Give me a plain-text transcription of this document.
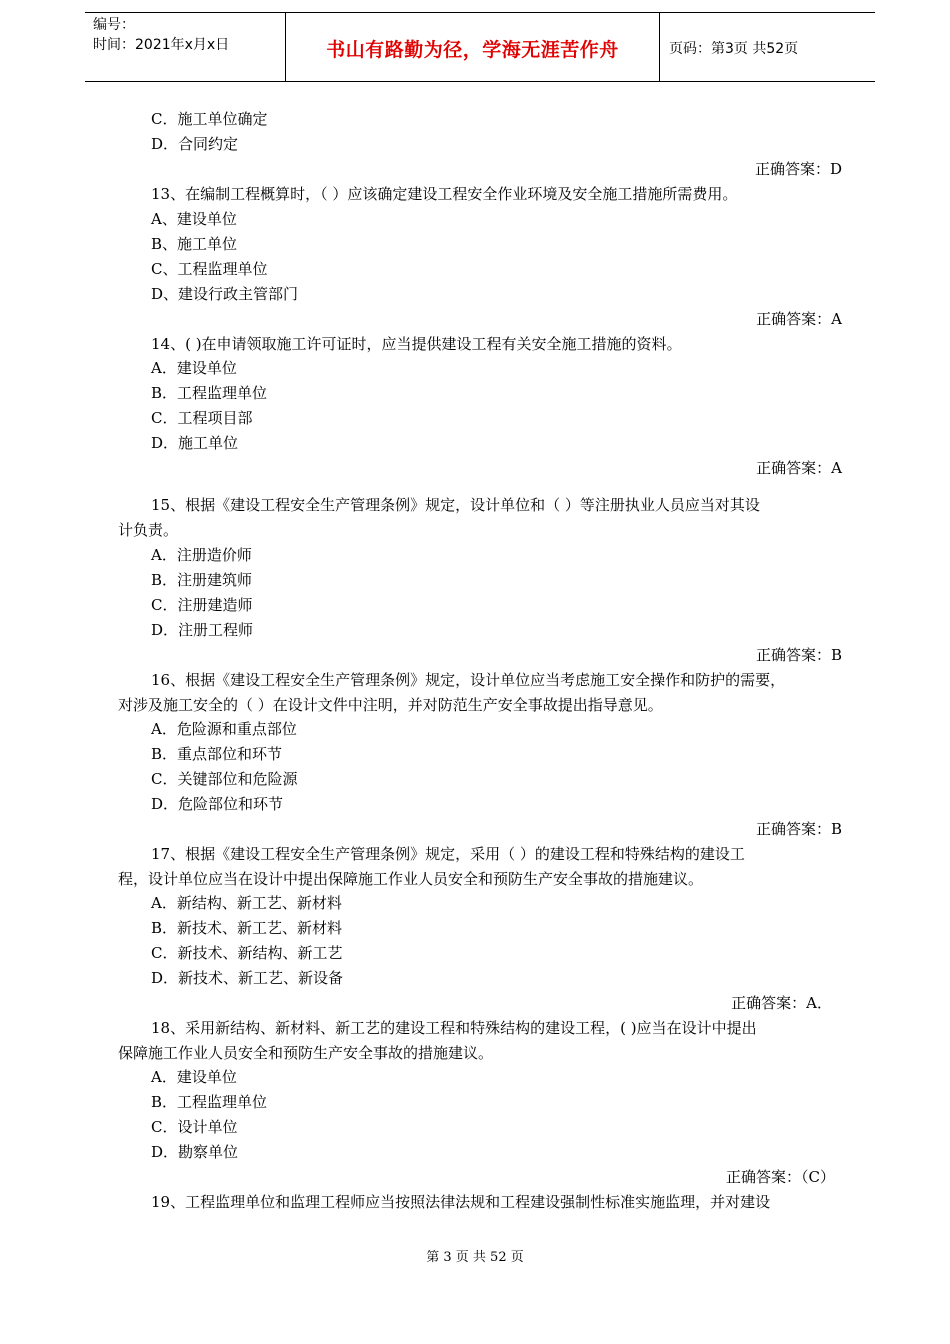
编号：
时间：2021年x月x日	书山有路勤为径，学海无涯苦作舟	页码：第3页 共52页
C．施工单位确定
D．合同约定
正确答案：D
13、在编制工程概算时，（ ）应该确定建设工程安全作业环境及安全施工措施所需费用。
A、建设单位
B、施工单位
C、工程监理单位
D、建设行政主管部门
正确答案：A
14、( )在申请领取施工许可证时，应当提供建设工程有关安全施工措施的资料。
A．建设单位
B．工程监理单位
C．工程项目部
D．施工单位
正确答案：A
15、根据《建设工程安全生产管理条例》规定，设计单位和（ ）等注册执业人员应当对其设
计负责。
A．注册造价师
B．注册建筑师
C．注册建造师
D．注册工程师
正确答案：B
16、根据《建设工程安全生产管理条例》规定，设计单位应当考虑施工安全操作和防护的需要，
对涉及施工安全的（ ）在设计文件中注明，并对防范生产安全事故提出指导意见。
A．危险源和重点部位
B．重点部位和环节
C．关键部位和危险源
D．危险部位和环节
正确答案：B
17、根据《建设工程安全生产管理条例》规定，采用（ ）的建设工程和特殊结构的建设工
程，设计单位应当在设计中提出保障施工作业人员安全和预防生产安全事故的措施建议。
A．新结构、新工艺、新材料
B．新技术、新工艺、新材料
C．新技术、新结构、新工艺
D．新技术、新工艺、新设备
正确答案：A．
18、采用新结构、新材料、新工艺的建设工程和特殊结构的建设工程，( )应当在设计中提出
保障施工作业人员安全和预防生产安全事故的措施建议。
A．建设单位
B．工程监理单位
C．设计单位
D．勘察单位
正确答案：（C）
19、工程监理单位和监理工程师应当按照法律法规和工程建设强制性标准实施监理，并对建设
第 3 页 共 52 页
